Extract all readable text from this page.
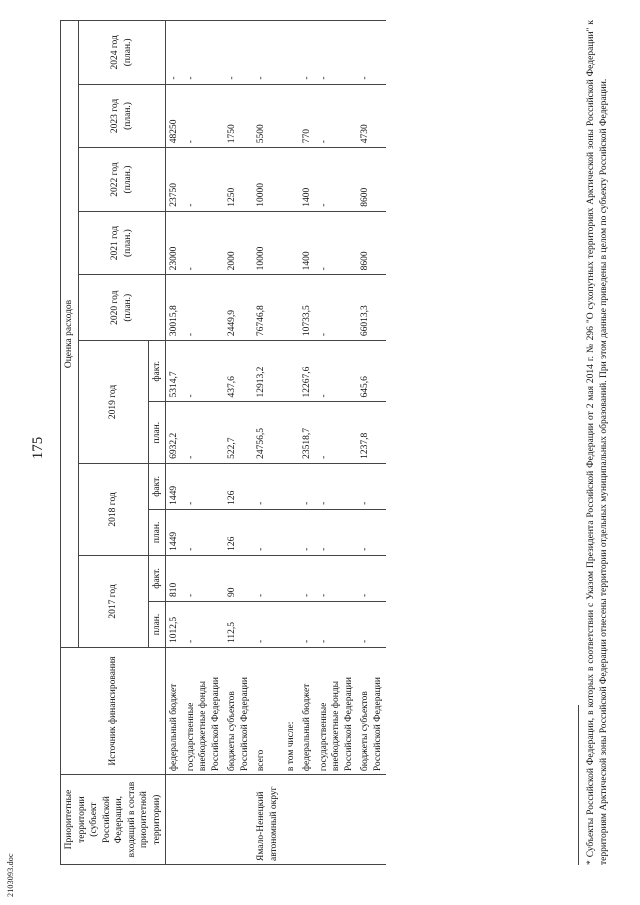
2103093.doc
175
Приоритетные территории (субъект Российской Федерации, входящий в состав приоритетной территории)	Источник финансирования	Оценка расходов										
		2017 год		2018 год		2019 год		2020 год (план.)	2021 год (план.)	2022 год (план.)	2023 год (план.)	2024 год (план.)
		план.	факт.	план.	факт.	план.	факт.					
	федеральный бюджет	1012,5	810	1449	1449	6932,2	5314,7	30015,8	23000	23750	48250	-
	государственные внебюджетные фонды Российской Федерации	-	-	-	-	-	-	-	-	-	-	-
	бюджеты субъектов Российской Федерации	112,5	90	126	126	522,7	437,6	2449,9	2000	1250	1750	-
Ямало-Ненецкий автономный округ	всего	-	-	-	-	24756,5	12913,2	76746,8	10000	10000	5500	-
	в том числе:											
	федеральный бюджет	-	-	-	-	23518,7	12267,6	10733,5	1400	1400	770	-
	государственные внебюджетные фонды Российской Федерации	-	-	-	-	-	-	-	-	-	-	-
	бюджеты субъектов Российской Федерации	-	-	-	-	1237,8	645,6	66013,3	8600	8600	4730	-	* Субъекты Российской Федерации, в которых в соответствии с Указом Президента Российской Федерации от 2 мая 2014 г. № 296 "О сухопутных территориях Арктической зоны Российской Федерации" к территориям Арктической зоны Российской Федерации отнесены территории отдельных муниципальных образований. При этом данные приведены в целом по субъекту Российской Федерации.
